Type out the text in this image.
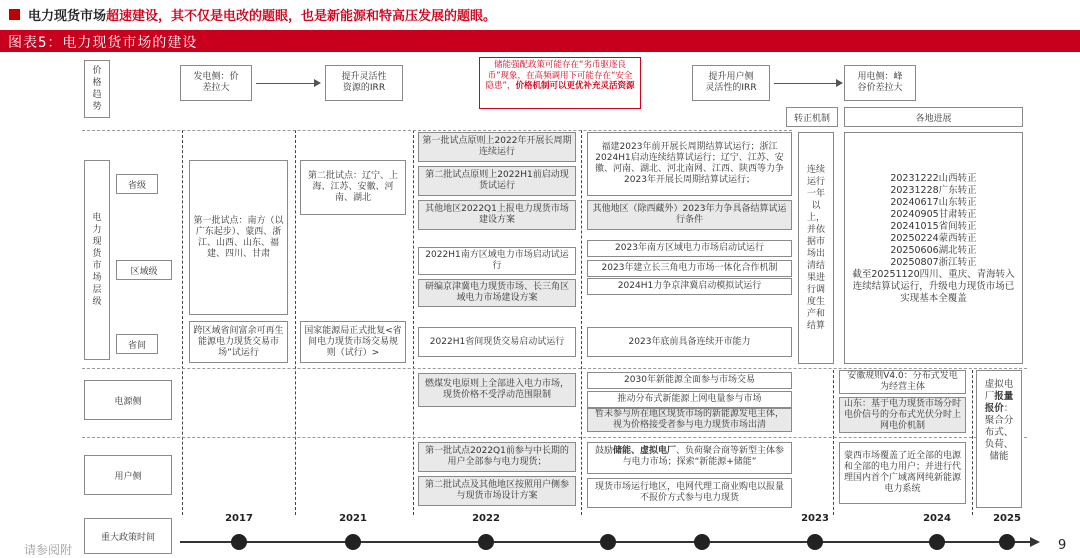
电力现货市场超速建设，其不仅是电改的题眼，也是新能源和特高压发展的题眼。
图表5：电力现货市场的建设
价
格
趋
势
发电侧：价
差拉大
提升灵活性
资源的IRR
储能强配政策可能存在“劣币驱逐良币”现象，在高频调用下可能存在“安全隐患”，价格机制可以更优补充灵活资源
提升用户侧
灵活性的IRR
用电侧：峰
谷价差拉大
转正机制	各地进展
电
力
现
货
市
场
层
级
省级
区域级
省间
第一批试点：南方（以广东起步）、蒙西、浙江、山西、山东、福建、四川、甘肃
跨区域省间富余可再生能源电力现货交易市场”试运行
第二批试点：辽宁、上海、江苏、安徽、河南、湖北
国家能源局正式批复<省间电力现货市场交易规则（试行）>
第一批试点原则上2022年开展长周期连续运行
第二批试点原则上2022H1前启动现货试运行
其他地区2022Q1上报电力现货市场建设方案
2022H1南方区域电力市场启动试运行
研编京津冀电力现货市场、长三角区域电力市场建设方案
2022H1省间现货交易启动试运行
燃煤发电原则上全部进入电力市场，现货价格不受浮动范围限制
第一批试点2022Q1前参与中长期的用户全部参与电力现货；
第二批试点及其他地区按照用户侧参与现货市场设计方案
福建2023年前开展长周期结算试运行；浙江2024H1启动连续结算试运行；辽宁、江苏、安徽、河南、湖北、河北南网、江西、陕西等力争2023年开展长周期结算试运行；
其他地区（除西藏外）2023年力争具备结算试运行条件
2023年南方区域电力市场启动试运行
2023年建立长三角电力市场一体化合作机制
2024H1力争京津冀启动模拟试运行
2023年底前具备连续开市能力
2030年新能源全面参与市场交易
推动分布式新能源上网电量参与市场
暂未参与所在地区现货市场的新能源发电主体，视为价格接受者参与电力现货市场出清
鼓励储能、虚拟电厂、负荷聚合商等新型主体参与电力市场；探索“新能源+储能”
现货市场运行地区，电网代理工商业购电以报量不报价方式参与电力现货
连续运行一年以上，并依据市场出清结果进行调度生产和结算
20231222山西转正
20231228广东转正
20240617山东转正
20240905甘肃转正
20241015省间转正
20250224蒙西转正
20250606湖北转正
20250807浙江转正
截至20251120四川、重庆、青海转入连续结算试运行，升级电力现货市场已实现基本全覆盖
电源侧
用户侧
安徽规则V4.0：分布式发电为经营主体
山东：基于电力现货市场分时电价信号的分布式光伏分时上网电价机制
蒙西市场覆盖了近全部的电源和全部的电力用户；并进行代理国内首个广域离网纯新能源电力系统
虚拟电厂报量报价：聚合分布式、负荷、储能
重大政策时间
2017	2021	2022	2023	2024	2025
请参阅附	9
